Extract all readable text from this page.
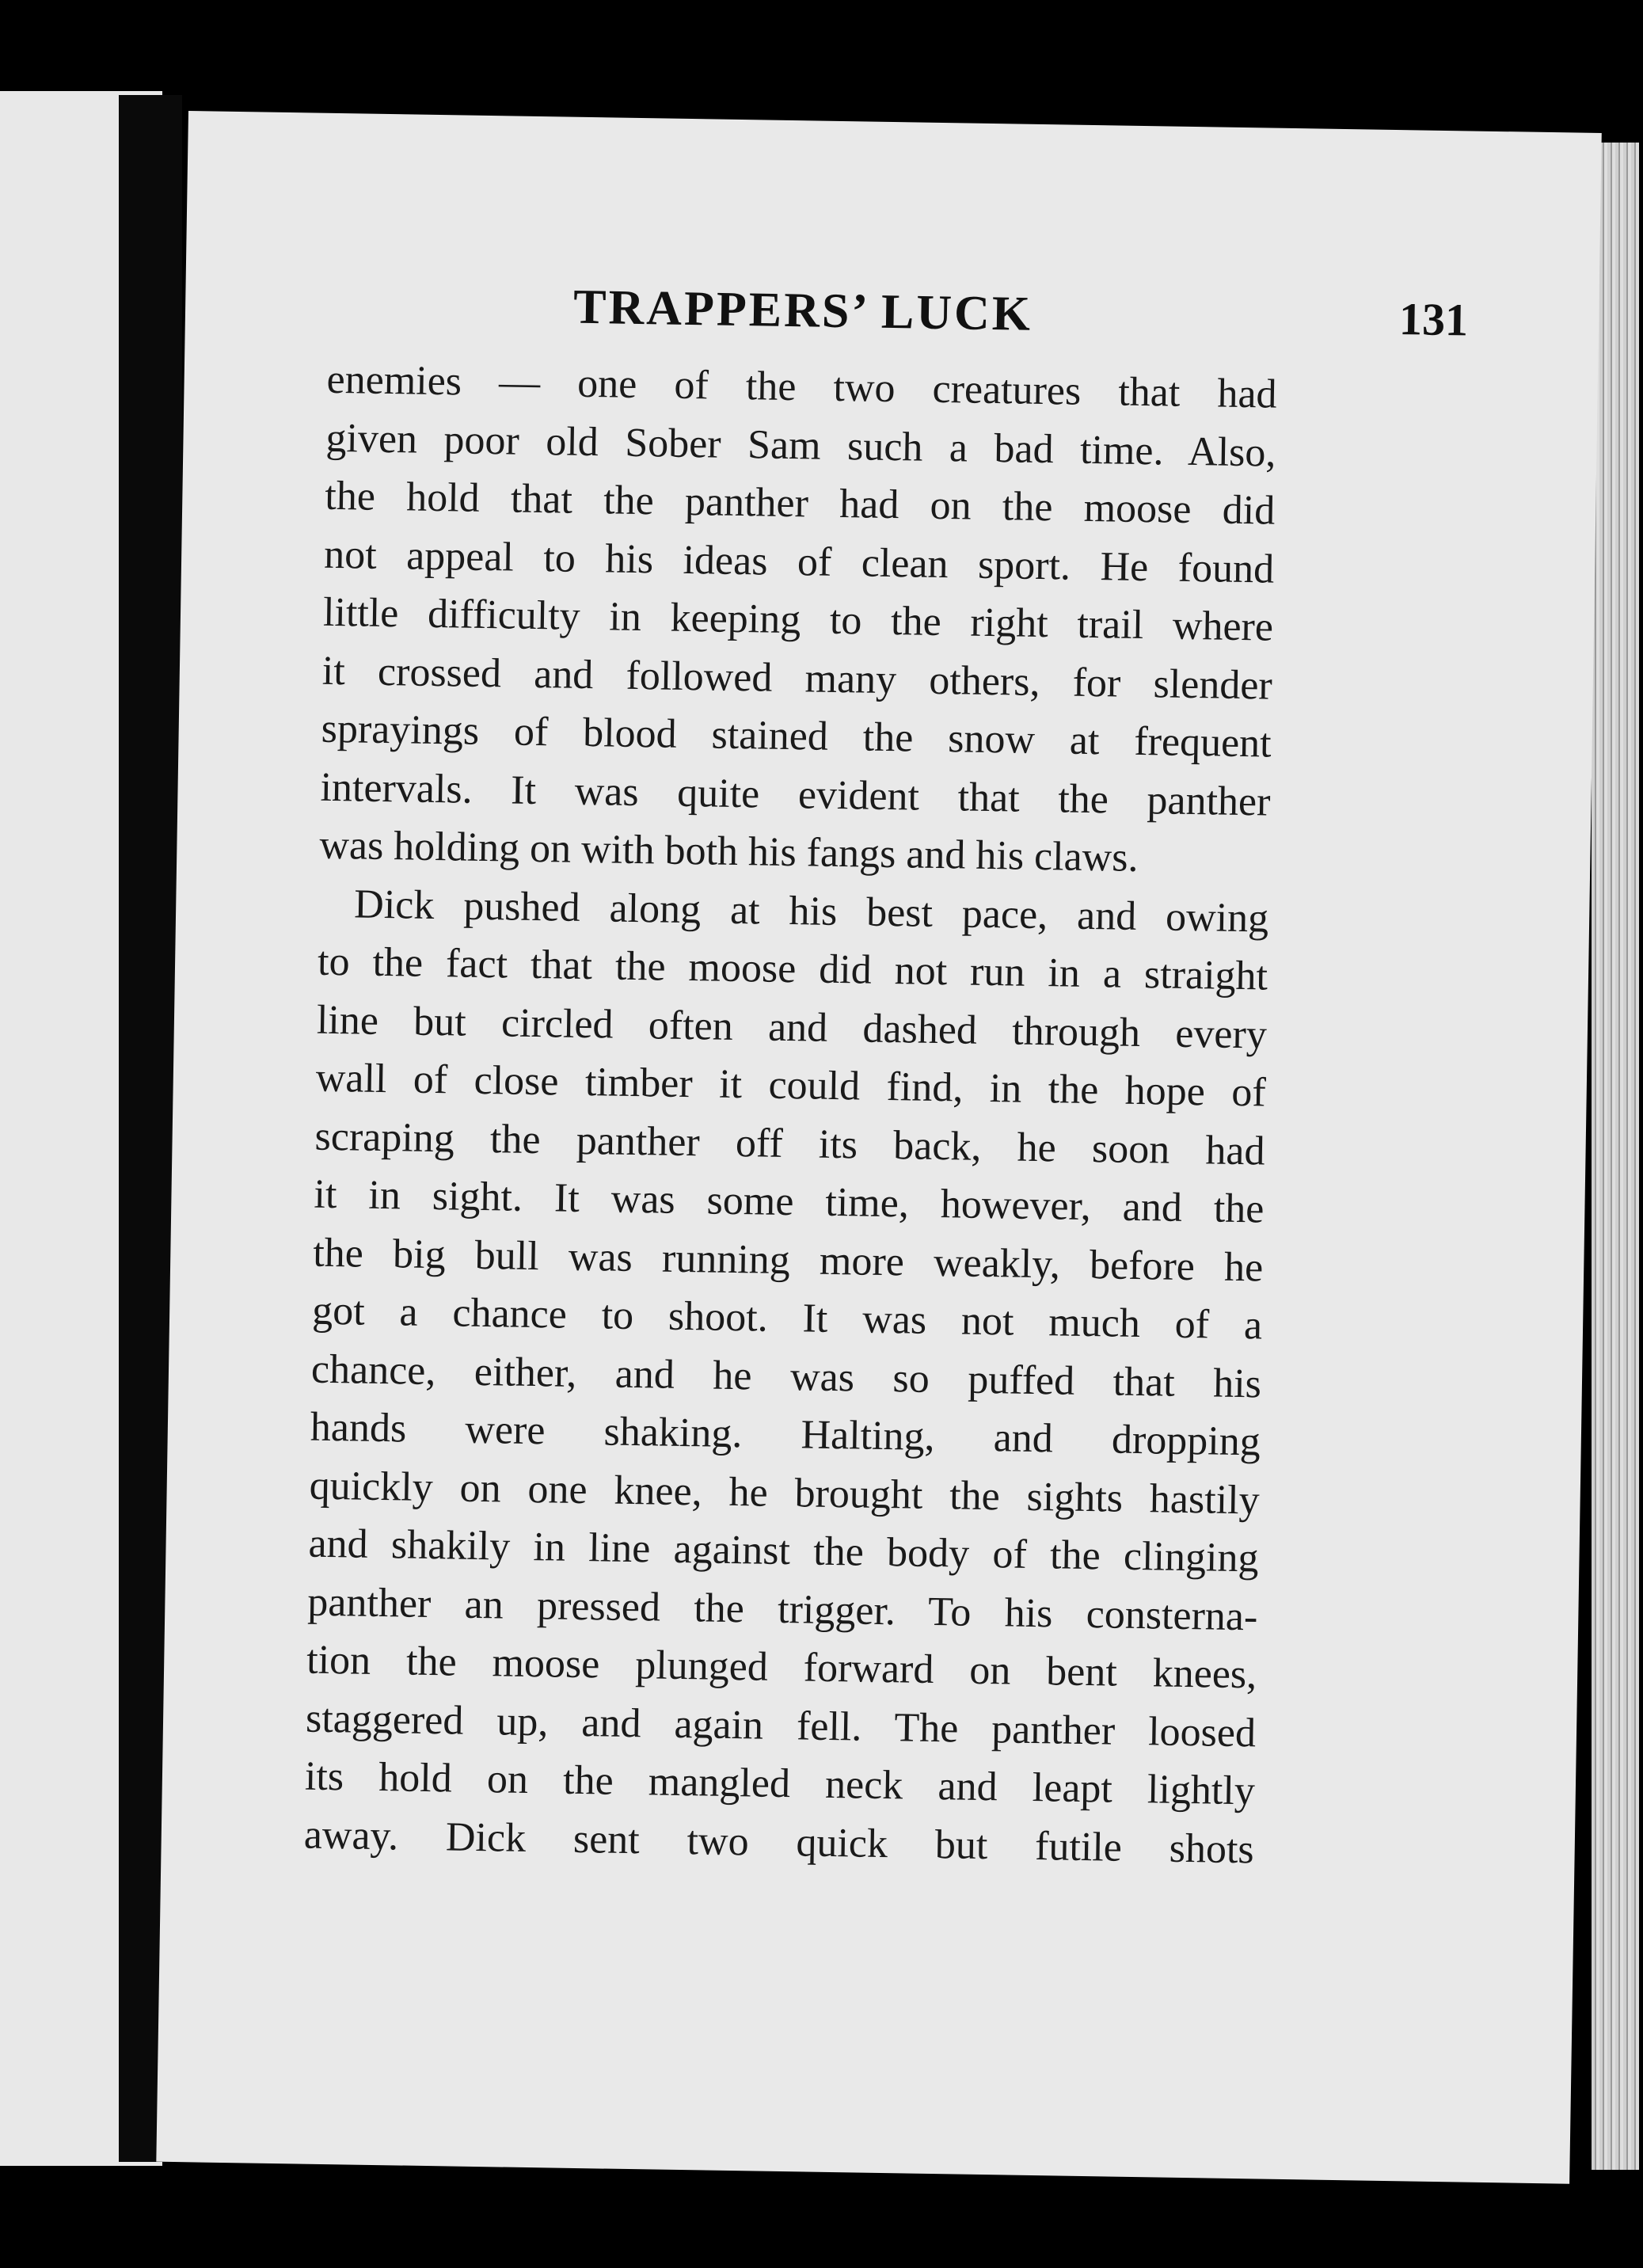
TRAPPERS’ LUCK	131
enemies — one of the two creatures that had
given poor old Sober Sam such a bad time. Also,
the hold that the panther had on the moose did
not appeal to his ideas of clean sport. He found
little difficulty in keeping to the right trail where
it crossed and followed many others, for slender
sprayings of blood stained the snow at frequent
intervals. It was quite evident that the panther
was holding on with both his fangs and his claws.
Dick pushed along at his best pace, and owing
to the fact that the moose did not run in a straight
line but circled often and dashed through every
wall of close timber it could find, in the hope of
scraping the panther off its back, he soon had
it in sight. It was some time, however, and the
the big bull was running more weakly, before he
got a chance to shoot. It was not much of a
chance, either, and he was so puffed that his
hands were shaking. Halting, and dropping
quickly on one knee, he brought the sights hastily
and shakily in line against the body of the clinging
panther an pressed the trigger. To his consterna-
tion the moose plunged forward on bent knees,
staggered up, and again fell. The panther loosed
its hold on the mangled neck and leapt lightly
away. Dick sent two quick but futile shots
